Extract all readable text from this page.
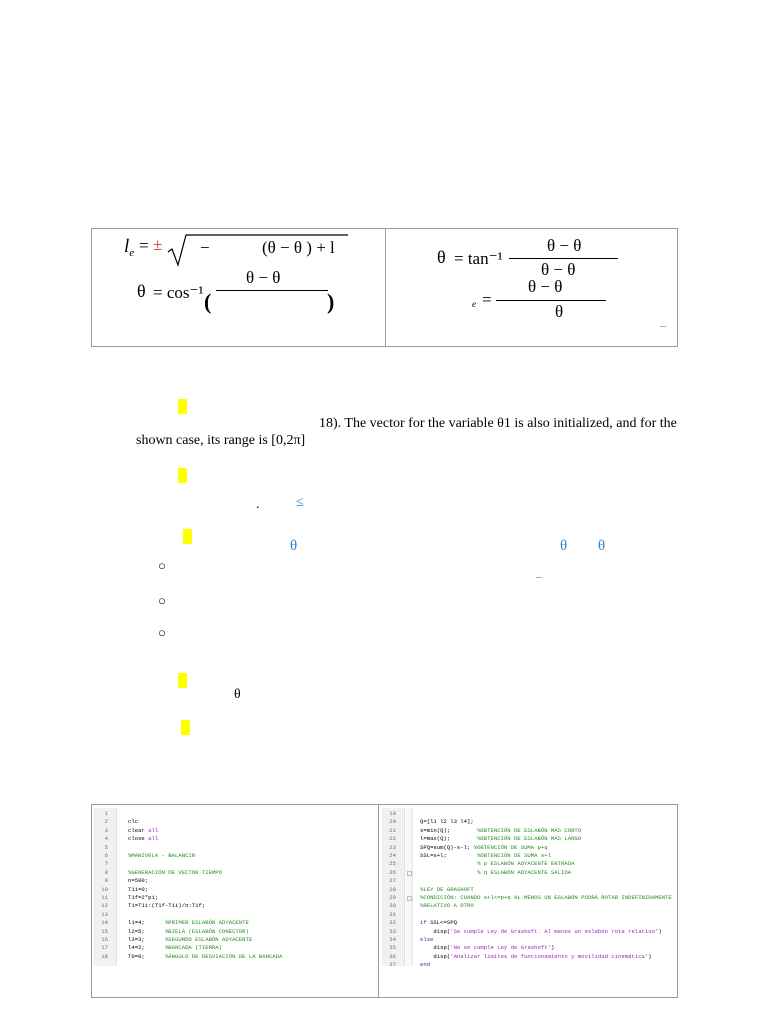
$l_e$ = ± −	(θ − θ ) + l
θ = cos⁻¹
θ − θ
(	)
θ = tan⁻¹
θ − θ
θ − θ
e =
θ − θ
θ
–
18). The vector for the variable θ1 is also initialized, and for the
shown case, its range is [0,2π]
.	≤
θ	θ θ
○
–
○
○
θ
1
2	clc
3	clear all
4	close all
5
6	%MANIVELA - BALANCIN
7
8	%GENERACIÓN DE VECTOR TIEMPO
9	n=500;
10	T1i=0;
11	T1f=2*pi;
12	T1=T1i:(T1f-T1i)/n:T1f;
13
14	l1=4;      %PRIMER ESLABÓN ADYACENTE
15	l2=5;      %BIELA (ESLABÓN CONECTOR)
16	l3=3;      %SEGUNDO ESLABÓN ADYACENTE
17	l4=2;      %BANCADA (TIERRA)
18	T0=0;      %ÁNGULO DE DESVIACIÓN DE LA BANCADA
19
20	Q=[l1 l2 l3 l4];
21	s=min(Q);        %OBTENCIÓN DE ESLABÓN MÁS CORTO
22	l=max(Q);        %OBTENCIÓN DE ESLABÓN MÁS LARGO
23	SPQ=sum(Q)-s-l; %OBTENCIÓN DE SUMA p+q
24	SSL=s+l;         %OBTENCIÓN DE SUMA s+l
25	% p ESLABÓN ADYACENTE ENTRADA
26	% q ESLABÓN ADYACENTE SALIDA
27
28	%LEY DE GRASHOFT
29	%CONDICIÓN: CUANDO s+l<=p+q AL MENOS UN ESLABÓN PODRÁ ROTAR INDEFINIDAMENTE
30	%RELATIVO A OTRO
31
32	if SSL<=SPQ
33	disp('Se cumple Ley de Grashoft. Al menos un eslabón rota relativo')
34	else
35	disp('No se cumple Ley de Grashoft')
36	disp('Analizar límites de funcionamiento y movilidad cinemática')
37	end
